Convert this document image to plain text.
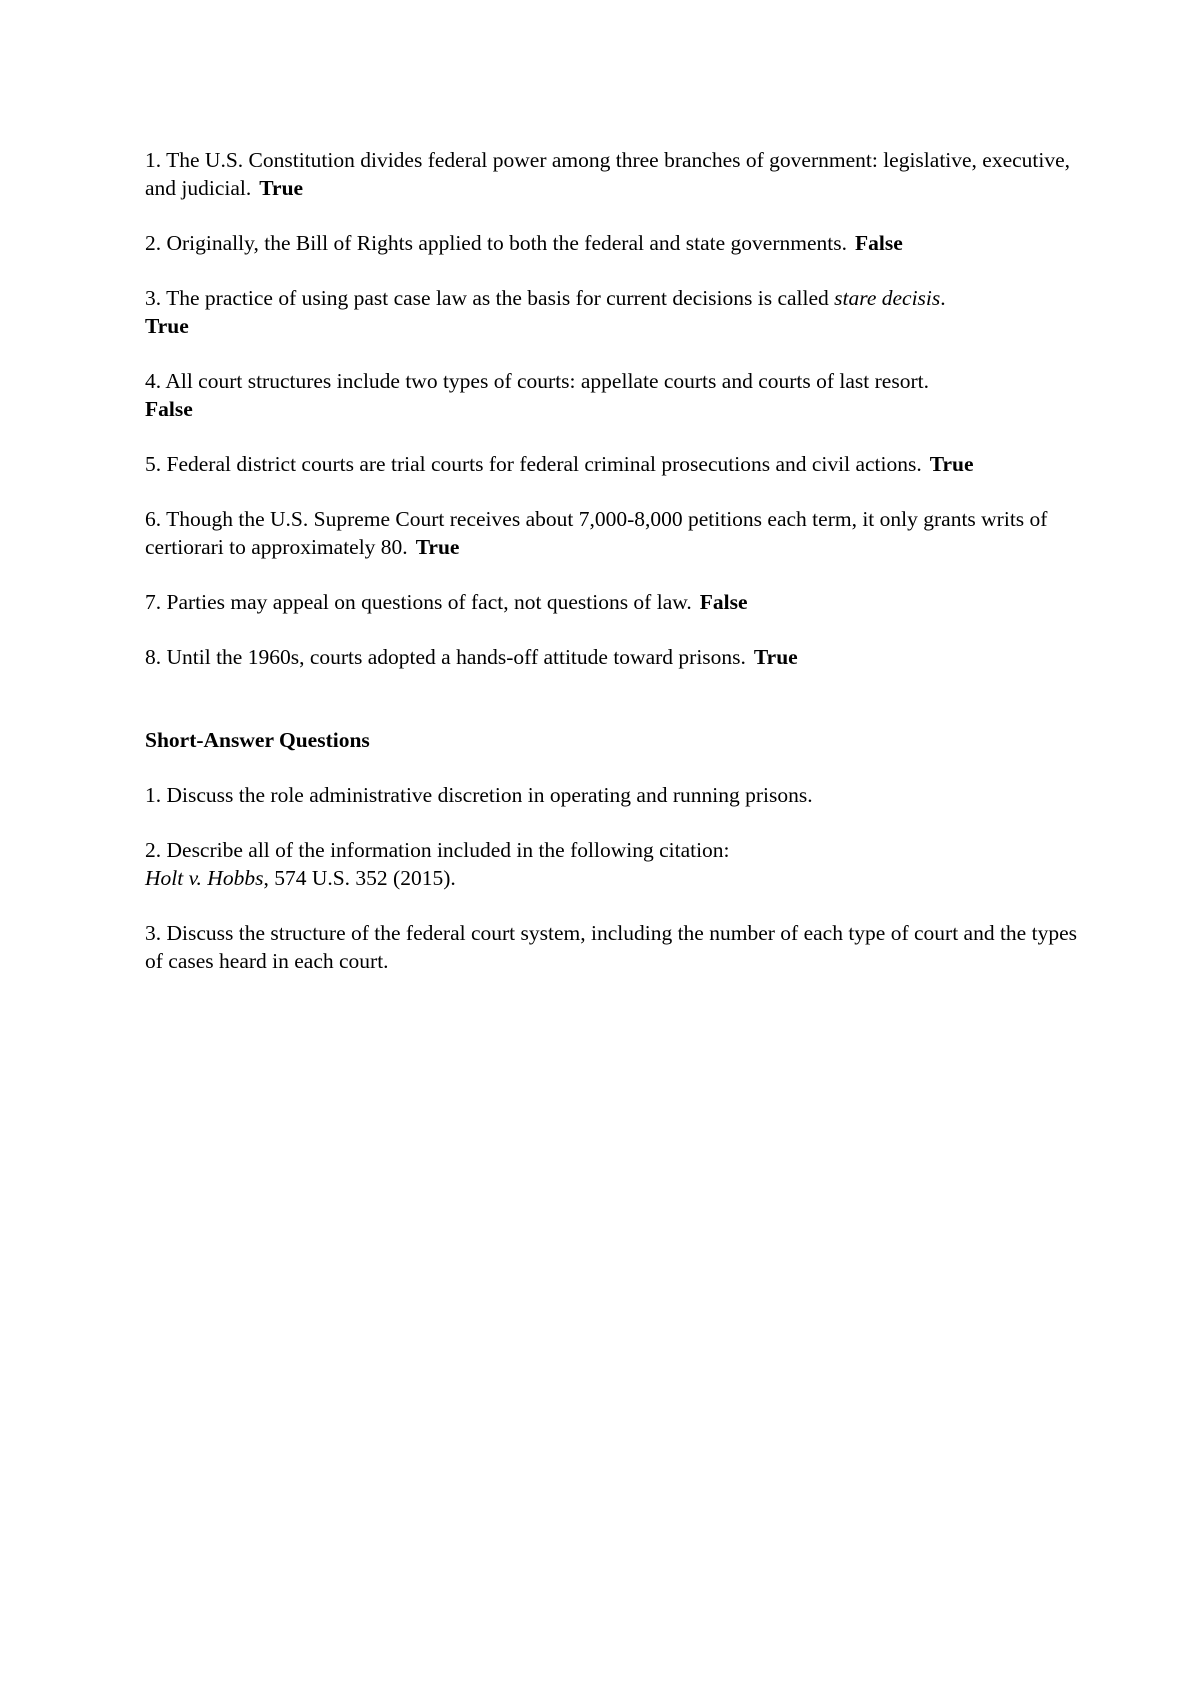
1. The U.S. Constitution divides federal power among three branches of government: legislative, executive, and judicial. True

2. Originally, the Bill of Rights applied to both the federal and state governments. False

3. The practice of using past case law as the basis for current decisions is called stare decisis.
True

4. All court structures include two types of courts: appellate courts and courts of last resort.
False

5. Federal district courts are trial courts for federal criminal prosecutions and civil actions. True

6. Though the U.S. Supreme Court receives about 7,000-8,000 petitions each term, it only grants writs of certiorari to approximately 80. True

7. Parties may appeal on questions of fact, not questions of law. False

8. Until the 1960s, courts adopted a hands-off attitude toward prisons. True

Short-Answer Questions

1. Discuss the role administrative discretion in operating and running prisons.

2. Describe all of the information included in the following citation:
Holt v. Hobbs, 574 U.S. 352 (2015).

3. Discuss the structure of the federal court system, including the number of each type of court and the types of cases heard in each court.
